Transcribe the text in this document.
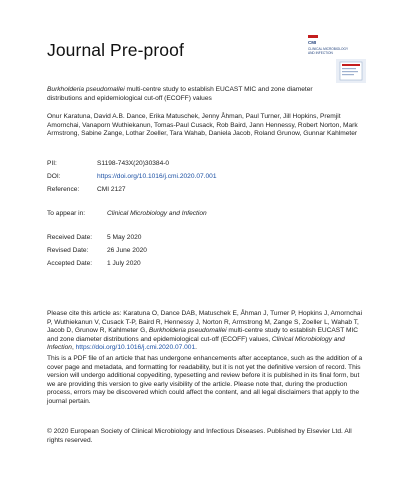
Journal Pre-proof	CMI
CLINICAL MICROBIOLOGY
AND INFECTION
Burkholderia pseudomallei multi-centre study to establish EUCAST MIC and zone diameter distributions and epidemiological cut-off (ECOFF) values
Onur Karatuna, David A.B. Dance, Erika Matuschek, Jenny Åhman, Paul Turner, Jill Hopkins, Premjit Amornchai, Vanaporn Wuthiekanun, Tomas-Paul Cusack, Rob Baird, Jann Hennessy, Robert Norton, Mark Armstrong, Sabine Zange, Lothar Zoeller, Tara Wahab, Daniela Jacob, Roland Grunow, Gunnar Kahlmeter
PII:	S1198-743X(20)30384-0
DOI:	https://doi.org/10.1016/j.cmi.2020.07.001
Reference:	CMI 2127
To appear in:	Clinical Microbiology and Infection
Received Date: 5 May 2020
Revised Date:	26 June 2020
Accepted Date: 1 July 2020
Please cite this article as: Karatuna O, Dance DAB, Matuschek E, Åhman J, Turner P, Hopkins J, Amornchai P, Wuthiekanun V, Cusack T-P, Baird R, Hennessy J, Norton R, Armstrong M, Zange S, Zoeller L, Wahab T, Jacob D, Grunow R, Kahlmeter G, Burkholderia pseudomallei multi-centre study to establish EUCAST MIC and zone diameter distributions and epidemiological cut-off (ECOFF) values, Clinical Microbiology and Infection, https://doi.org/10.1016/j.cmi.2020.07.001.
This is a PDF file of an article that has undergone enhancements after acceptance, such as the addition of a cover page and metadata, and formatting for readability, but it is not yet the definitive version of record. This version will undergo additional copyediting, typesetting and review before it is published in its final form, but we are providing this version to give early visibility of the article. Please note that, during the production process, errors may be discovered which could affect the content, and all legal disclaimers that apply to the journal pertain.
© 2020 European Society of Clinical Microbiology and Infectious Diseases. Published by Elsevier Ltd. All rights reserved.
